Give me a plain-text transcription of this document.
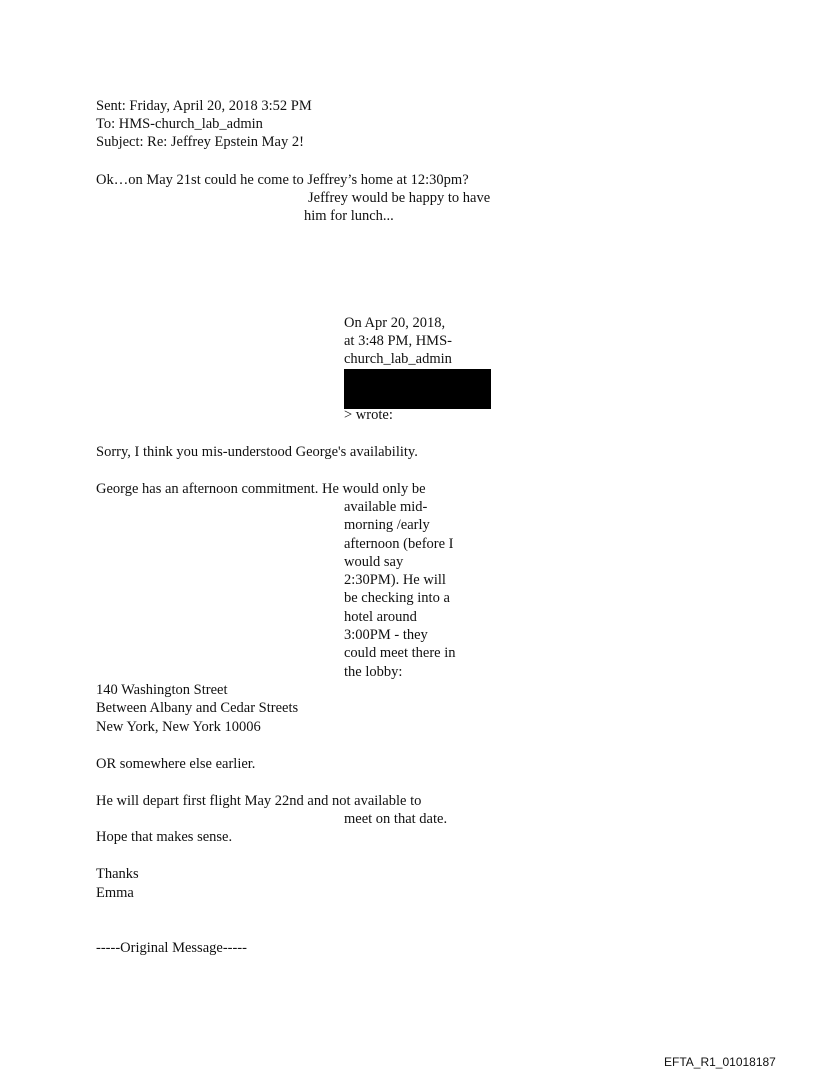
Sent: Friday, April 20, 2018 3:52 PM
To: HMS-church_lab_admin
Subject: Re: Jeffrey Epstein May 2!
Ok…on May 21st could he come to Jeffrey’s home at 12:30pm?
Jeffrey would be happy to have
him for lunch...
On Apr 20, 2018,
at 3:48 PM, HMS-
church_lab_admin
> wrote:
Sorry, I think you mis-understood George's availability.
George has an afternoon commitment. He would only be
available mid-
morning /early
afternoon (before I
would say
2:30PM). He will
be checking into a
hotel around
3:00PM - they
could meet there in
the lobby:
140 Washington Street
Between Albany and Cedar Streets
New York, New York 10006
OR somewhere else earlier.
He will depart first flight May 22nd and not available to
meet on that date.
Hope that makes sense.
Thanks
Emma
-----Original Message-----
EFTA_R1_01018187
